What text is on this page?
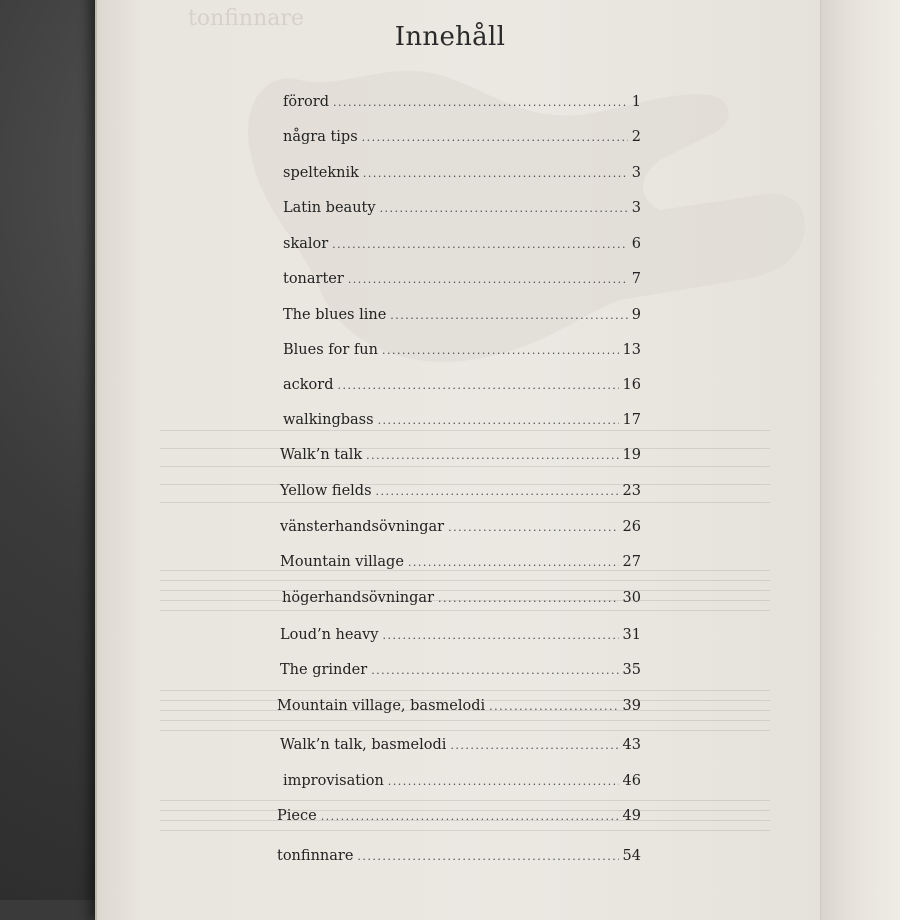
tonfinnare
Innehåll
förord .....	1
några tips .....	2
spelteknik .....	3
Latin beauty .....	3
skalor .....	6
tonarter .....	7
The blues line .....	9
Blues for fun .....	13
ackord .....	16
walkingbass .....	17
Walk’n talk .....	19
Yellow fields .....	23
vänsterhandsövningar .....	26
Mountain village .....	27
högerhandsövningar .....	30
Loud’n heavy .....	31
The grinder .....	35
Mountain village, basmelodi .....	39
Walk’n talk, basmelodi .....	43
improvisation .....	46
Piece .....	49
tonfinnare .....	54
